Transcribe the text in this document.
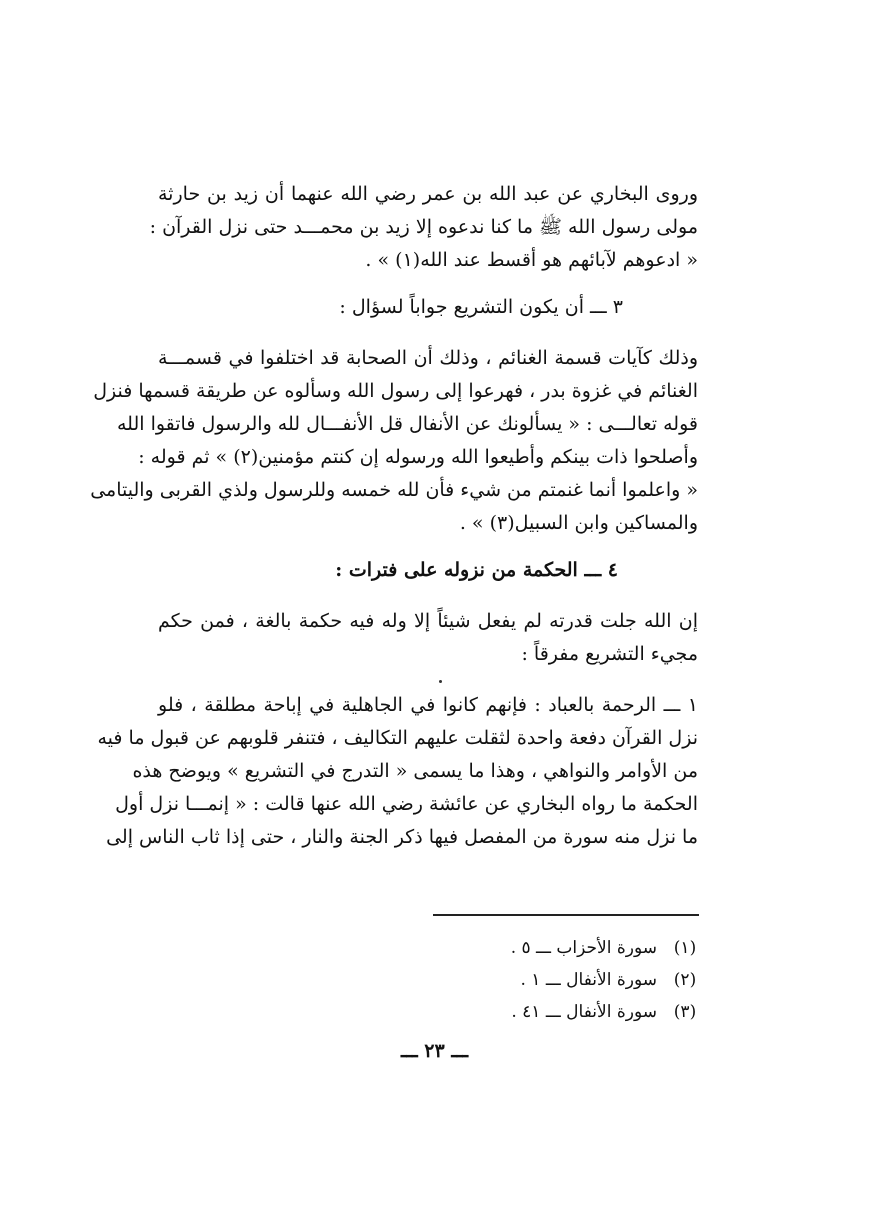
وروى البخاري عن عبد الله بن عمر رضي الله عنهما أن زيد بن حارثة
مولى رسول الله ﷺ ما كنا ندعوه إلا زيد بن محمـــد حتى نزل القرآن :
« ادعوهم لآبائهم هو أقسط عند الله(١) » .

٣ ـــ أن يكون التشريع جواباً لسؤال :

وذلك كآيات قسمة الغنائم ، وذلك أن الصحابة قد اختلفوا في قسمـــة
الغنائم في غزوة بدر ، فهرعوا إلى رسول الله وسألوه عن طريقة قسمها فنزل
قوله تعالـــى : « يسألونك عن الأنفال قل الأنفـــال لله والرسول فاتقوا الله
وأصلحوا ذات بينكم وأطيعوا الله ورسوله إن كنتم مؤمنين(٢) » ثم قوله :
« واعلموا أنما غنمتم من شيء فأن لله خمسه وللرسول ولذي القربى واليتامى
والمساكين وابن السبيل(٣) » .

٤ ـــ الحكمة من نزوله على فترات :

إن الله جلت قدرته لم يفعل شيئاً إلا وله فيه حكمة بالغة ، فمن حكم
مجيء التشريع مفرقاً :

١ ـــ الرحمة بالعباد : فإنهم كانوا في الجاهلية في إباحة مطلقة ، فلو
نزل القرآن دفعة واحدة لثقلت عليهم التكاليف ، فتنفر قلوبهم عن قبول ما فيه
من الأوامر والنواهي ، وهذا ما يسمى « التدرج في التشريع » ويوضح هذه
الحكمة ما رواه البخاري عن عائشة رضي الله عنها قالت : « إنمـــا نزل أول
ما نزل منه سورة من المفصل فيها ذكر الجنة والنار ، حتى إذا ثاب الناس إلى

(١)
سورة الأحزاب ـــ ٥ .
(٢)
سورة الأنفال ـــ ١ .
(٣)
سورة الأنفال ـــ ٤١ .
ـــ ٢٣ ـــ
